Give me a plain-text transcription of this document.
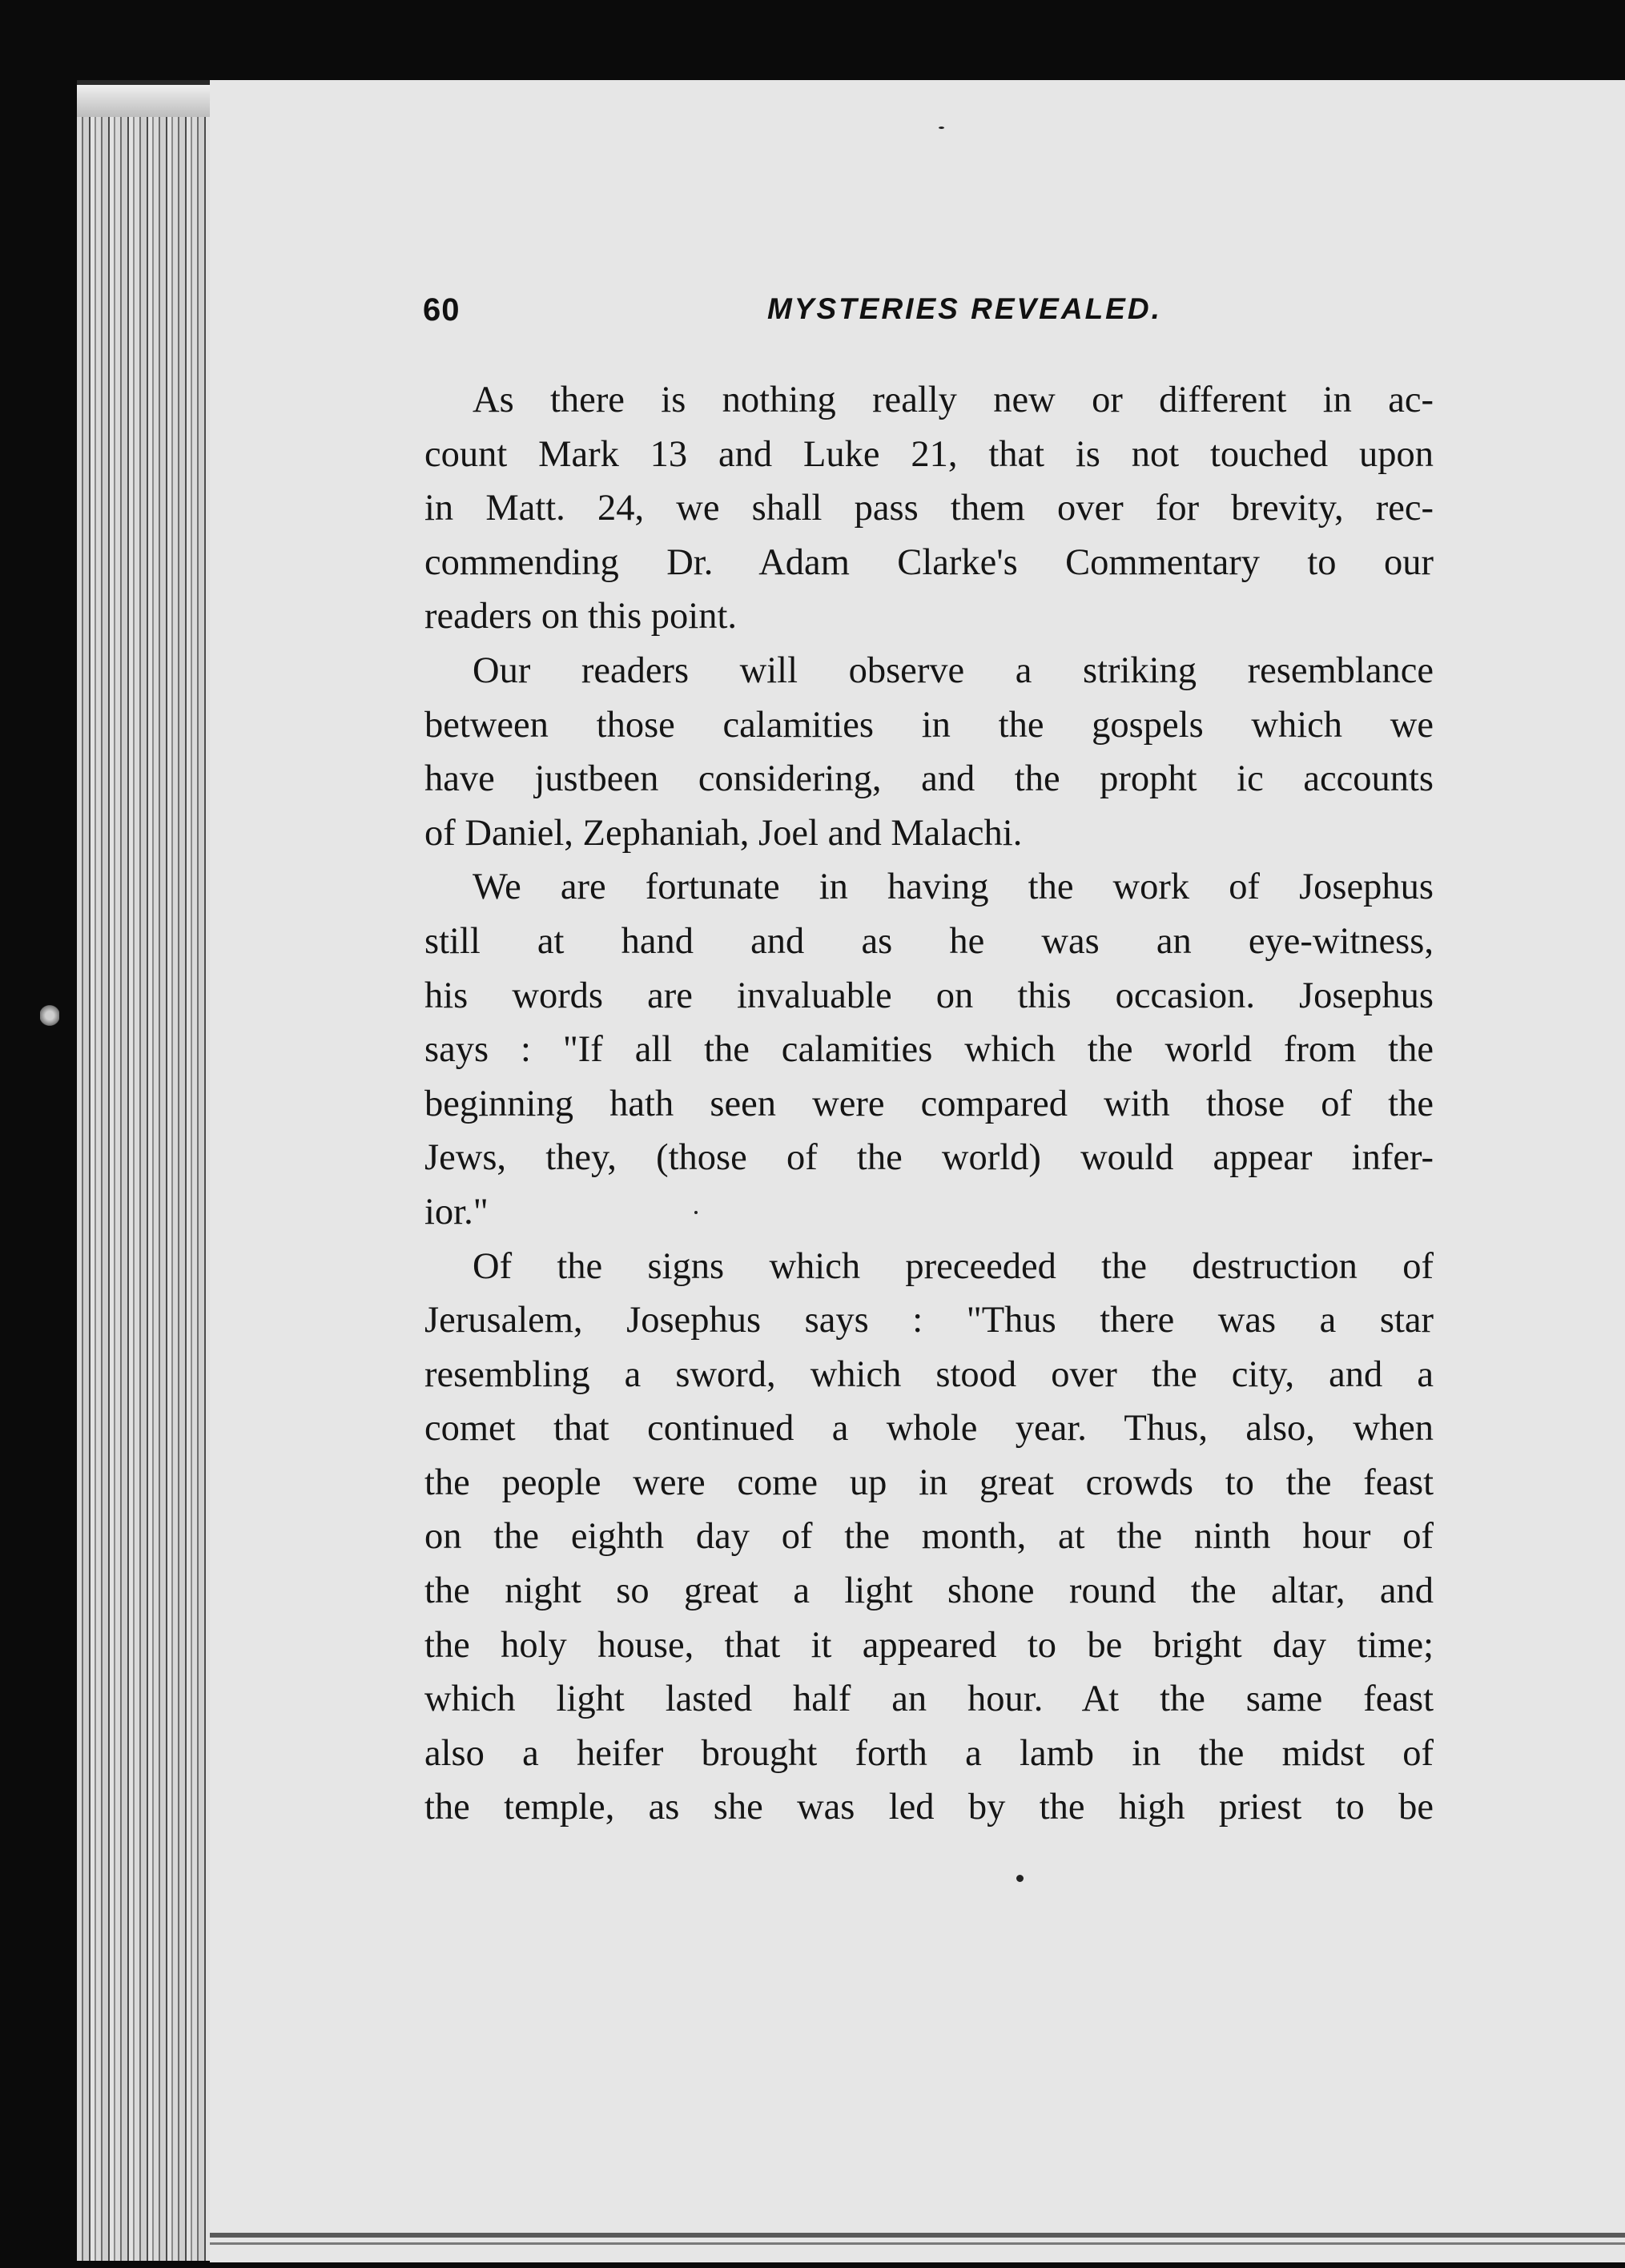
60	MYSTERIES REVEALED.
As there is nothing really new or different in ac-
count Mark 13 and Luke 21, that is not touched upon
in Matt. 24, we shall pass them over for brevity, rec-
commending Dr. Adam Clarke's Commentary to our
readers on this point.
Our readers will observe a striking resemblance
between those calamities in the gospels which we
have justbeen considering, and the propht ic accounts
of Daniel, Zephaniah, Joel and Malachi.
We are fortunate in having the work of Josephus
still at hand and as he was an eye-witness,
his words are invaluable on this occasion. Josephus
says : "If all the calamities which the world from the
beginning hath seen were compared with those of the
Jews, they, (those of the world) would appear infer-
ior."
Of the signs which preceeded the destruction of
Jerusalem, Josephus says : "Thus there was a star
resembling a sword, which stood over the city, and a
comet that continued a whole year. Thus, also, when
the people were come up in great crowds to the feast
on the eighth day of the month, at the ninth hour of
the night so great a light shone round the altar, and
the holy house, that it appeared to be bright day time;
which light lasted half an hour. At the same feast
also a heifer brought forth a lamb in the midst of
the temple, as she was led by the high priest to be
